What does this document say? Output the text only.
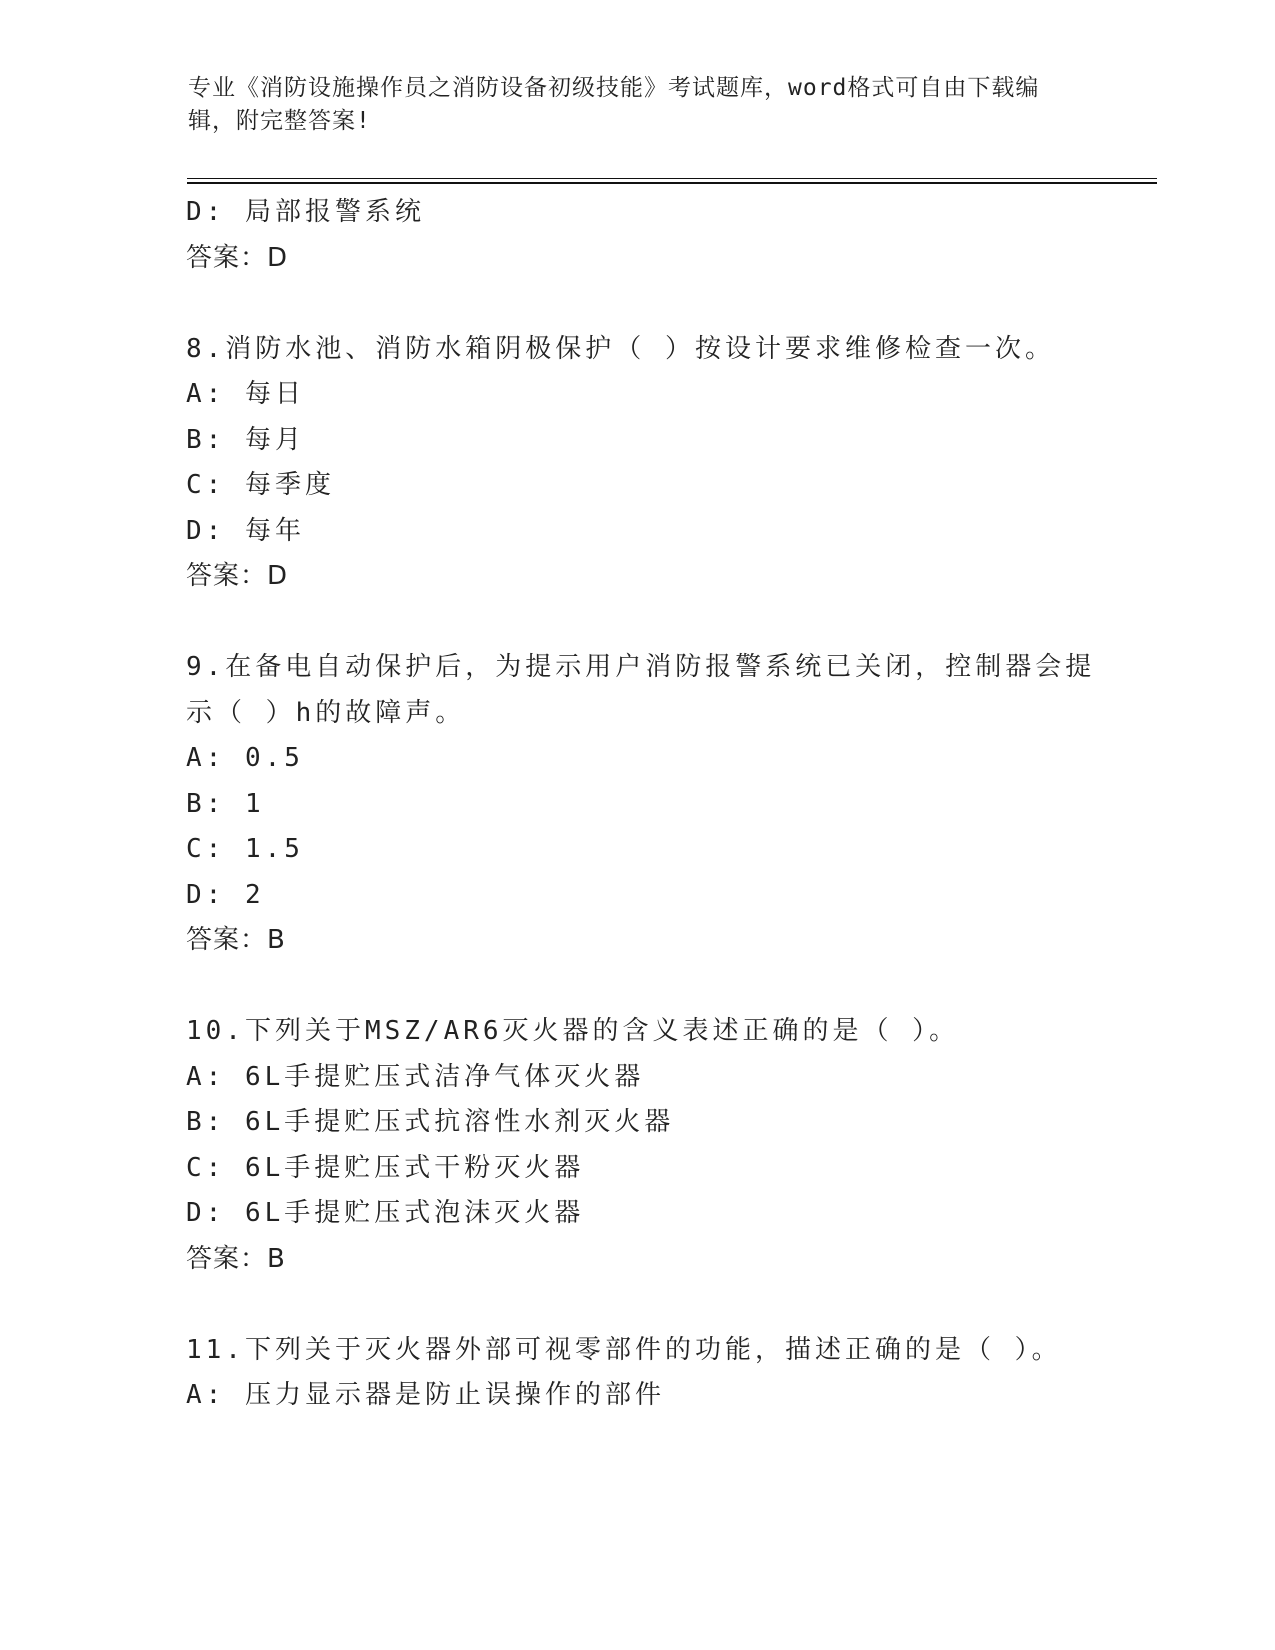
专业《消防设施操作员之消防设备初级技能》考试题库，word格式可自由下载编
辑，附完整答案!
D: 局部报警系统
答案：D
8.消防水池、消防水箱阴极保护（ ）按设计要求维修检查一次。
A: 每日
B: 每月
C: 每季度
D: 每年
答案：D
9.在备电自动保护后，为提示用户消防报警系统已关闭，控制器会提
示（ ）h的故障声。
A: 0.5
B: 1
C: 1.5
D: 2
答案：B
10.下列关于MSZ/AR6灭火器的含义表述正确的是（ ）。
A: 6L手提贮压式洁净气体灭火器
B: 6L手提贮压式抗溶性水剂灭火器
C: 6L手提贮压式干粉灭火器
D: 6L手提贮压式泡沫灭火器
答案：B
11.下列关于灭火器外部可视零部件的功能，描述正确的是（ ）。
A: 压力显示器是防止误操作的部件
